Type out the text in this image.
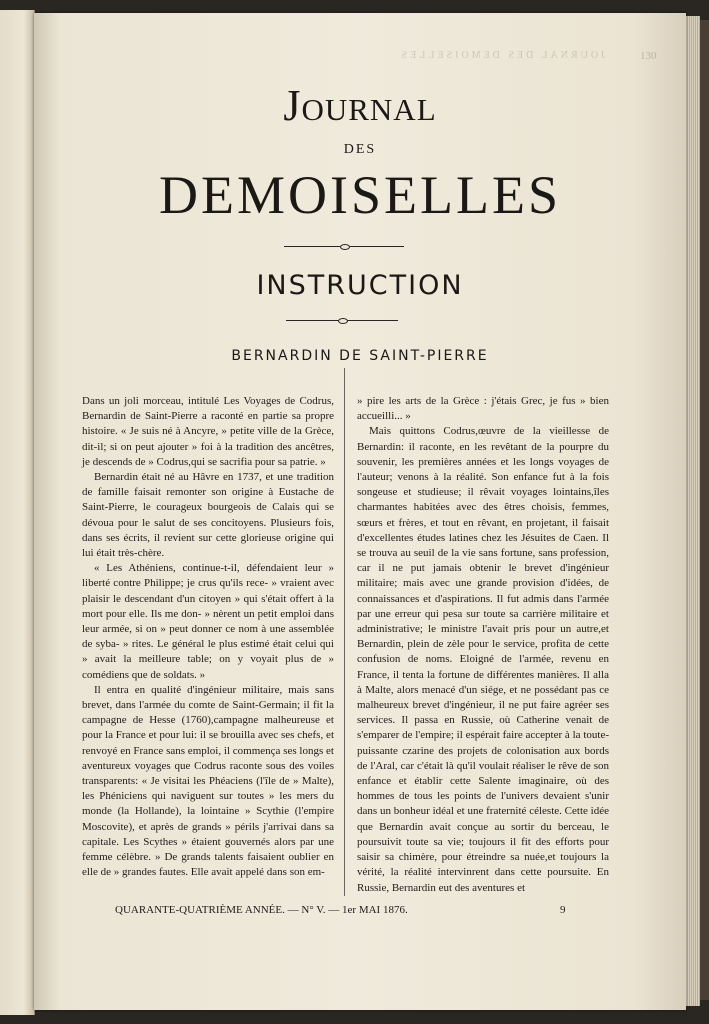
JOURNAL DES DEMOISELLES	130
Journal
DES
DEMOISELLES
INSTRUCTION
BERNARDIN DE SAINT-PIERRE

Dans un joli morceau, intitulé Les Voyages de Codrus, Bernardin de Saint-Pierre a raconté en partie sa propre histoire. « Je suis né à Ancyre, » petite ville de la Grèce, dit-il; si on peut ajouter » foi à la tradition des ancêtres, je descends de » Codrus,qui se sacrifia pour sa patrie. »

Bernardin était né au Hâvre en 1737, et une tradition de famille faisait remonter son origine à Eustache de Saint-Pierre, le courageux bourgeois de Calais qui se dévoua pour le salut de ses concitoyens. Plusieurs fois, dans ses écrits, il revient sur cette glorieuse origine qui lui était très-chère.

« Les Athéniens, continue-t-il, défendaient leur » liberté contre Philippe; je crus qu'ils rece- » vraient avec plaisir le descendant d'un citoyen » qui s'était offert à la mort pour elle. Ils me don- » nèrent un petit emploi dans leur armée, si on » peut donner ce nom à une assemblée de syba- » rites. Le général le plus estimé était celui qui » avait la meilleure table; on y voyait plus de » comédiens que de soldats. »

Il entra en qualité d'ingénieur militaire, mais sans brevet, dans l'armée du comte de Saint-Germain; il fit la campagne de Hesse (1760),campagne malheureuse et pour la France et pour lui: il se brouilla avec ses chefs, et renvoyé en France sans emploi, il commença ses longs et aventureux voyages que Codrus raconte sous des voiles transparents: « Je visitai les Phéaciens (l'île de » Malte), les Phéniciens qui naviguent sur toutes » les mers du monde (la Hollande), la lointaine » Scythie (l'empire Moscovite), et après de grands » périls j'arrivai dans sa capitale. Les Scythes » étaient gouvernés alors par une femme célèbre. » De grands talents faisaient oublier en elle de » grandes fautes. Elle avait appelé dans son em-

» pire les arts de la Grèce : j'étais Grec, je fus » bien accueilli... »

Mais quittons Codrus,œuvre de la vieillesse de Bernardin: il raconte, en les revêtant de la pourpre du souvenir, les premières années et les longs voyages de l'auteur; venons à la réalité. Son enfance fut à la fois songeuse et studieuse; il rêvait voyages lointains,îles charmantes habitées avec des êtres choisis, femmes, sœurs et frères, et tout en rêvant, en projetant, il faisait d'excellentes études latines chez les Jésuites de Caen. Il se trouva au seuil de la vie sans fortune, sans profession, car il ne put jamais obtenir le brevet d'ingénieur militaire; mais avec une grande provision d'idées, de connaissances et d'aspirations. Il fut admis dans l'armée par une erreur qui pesa sur toute sa carrière militaire et administrative; le ministre l'avait pris pour un autre,et Bernardin, plein de zèle pour le service, profita de cette confusion de noms. Eloigné de l'armée, revenu en France, il tenta la fortune de différentes manières. Il alla à Malte, alors menacé d'un siége, et ne possédant pas ce malheureux brevet d'ingénieur, il ne put faire agréer ses services. Il passa en Russie, où Catherine venait de s'emparer de l'empire; il espérait faire accepter à la toute-puissante czarine des projets de colonisation aux bords de l'Aral, car c'était là qu'il voulait réaliser le rêve de son enfance et établir cette Salente imaginaire, où des hommes de tous les points de l'univers devaient s'unir dans un bonheur idéal et une fraternité céleste. Cette idée que Bernardin avait conçue au sortir du berceau, le poursuivit toute sa vie; toujours il fit des efforts pour saisir sa chimère, pour étreindre sa nuée,et toujours la vérité, la réalité intervinrent dans cette poursuite. En Russie, Bernardin eut des aventures et

QUARANTE-QUATRIÈME ANNÉE. — N° V. — 1er MAI 1876.	9
